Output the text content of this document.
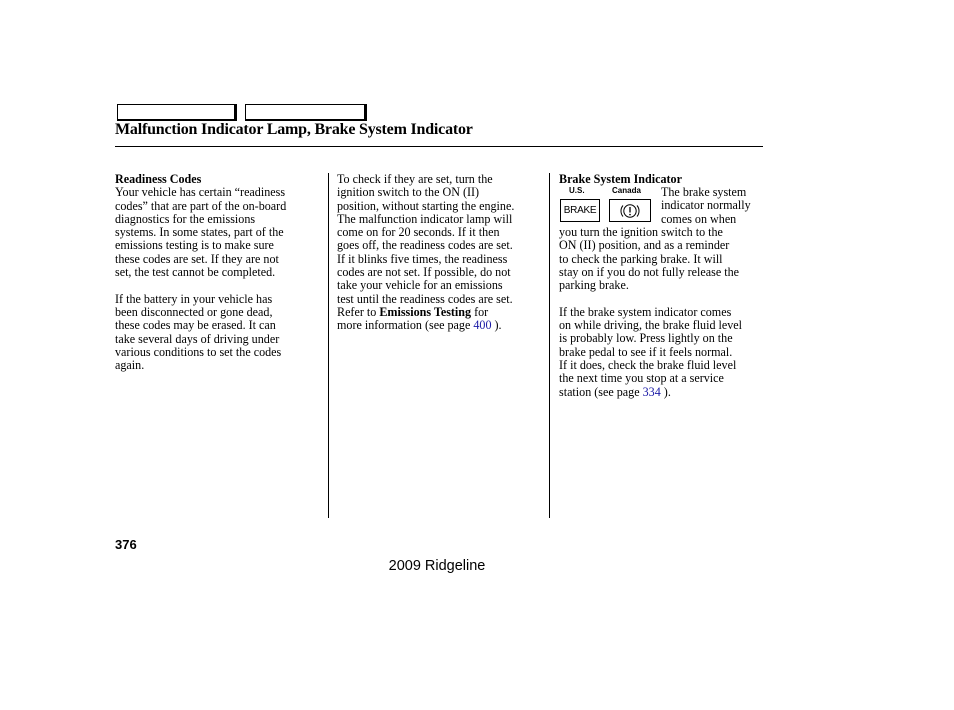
Malfunction Indicator Lamp, Brake System Indicator
Readiness Codes
Your vehicle has certain “readiness
codes” that are part of the on-board
diagnostics for the emissions
systems. In some states, part of the
emissions testing is to make sure
these codes are set. If they are not
set, the test cannot be completed.
If the battery in your vehicle has
been disconnected or gone dead,
these codes may be erased. It can
take several days of driving under
various conditions to set the codes
again.
To check if they are set, turn the
ignition switch to the ON (II)
position, without starting the engine.
The malfunction indicator lamp will
come on for 20 seconds. If it then
goes off, the readiness codes are set.
If it blinks five times, the readiness
codes are not set. If possible, do not
take your vehicle for an emissions
test until the readiness codes are set.
Refer to Emissions Testing for
more information (see page 400 ).
Brake System Indicator
U.S.	Canada
BRAKE
The brake system
indicator normally
comes on when
you turn the ignition switch to the
ON (II) position, and as a reminder
to check the parking brake. It will
stay on if you do not fully release the
parking brake.
If the brake system indicator comes
on while driving, the brake fluid level
is probably low. Press lightly on the
brake pedal to see if it feels normal.
If it does, check the brake fluid level
the next time you stop at a service
station (see page 334 ).
376
2009 Ridgeline
